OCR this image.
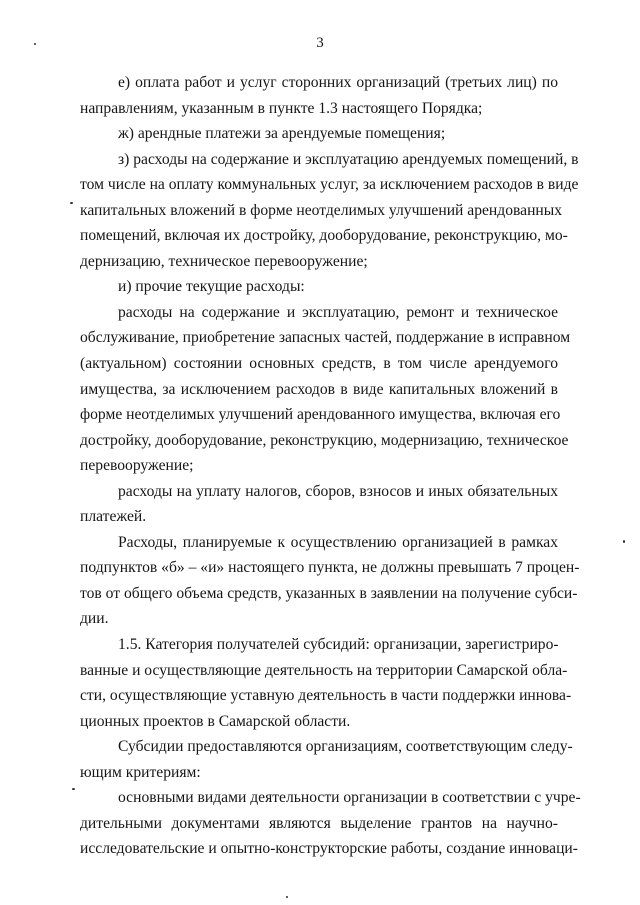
3
е) оплата работ и услуг сторонних организаций (третьих лиц) по
направлениям, указанным в пункте 1.3 настоящего Порядка;
ж) арендные платежи за арендуемые помещения;
з) расходы на содержание и эксплуатацию арендуемых помещений, в
том числе на оплату коммунальных услуг, за исключением расходов в виде
капитальных вложений в форме неотделимых улучшений арендованных
помещений, включая их достройку, дооборудование, реконструкцию, мо-
дернизацию, техническое перевооружение;
и) прочие текущие расходы:
расходы на содержание и эксплуатацию, ремонт и техническое
обслуживание, приобретение запасных частей, поддержание в исправном
(актуальном) состоянии основных средств, в том числе арендуемого
имущества, за исключением расходов в виде капитальных вложений в
форме неотделимых улучшений арендованного имущества, включая его
достройку, дооборудование, реконструкцию, модернизацию, техническое
перевооружение;
расходы на уплату налогов, сборов, взносов и иных обязательных
платежей.
Расходы, планируемые к осуществлению организацией в рамках
подпунктов «б» – «и» настоящего пункта, не должны превышать 7 процен-
тов от общего объема средств, указанных в заявлении на получение субси-
дии.
1.5. Категория получателей субсидий: организации, зарегистриро-
ванные и осуществляющие деятельность на территории Самарской обла-
сти, осуществляющие уставную деятельность в части поддержки иннова-
ционных проектов в Самарской области.
Субсидии предоставляются организациям, соответствующим следу-
ющим критериям:
основными видами деятельности организации в соответствии с учре-
дительными документами являются выделение грантов на научно-
исследовательские и опытно-конструкторские работы, создание инноваци-
